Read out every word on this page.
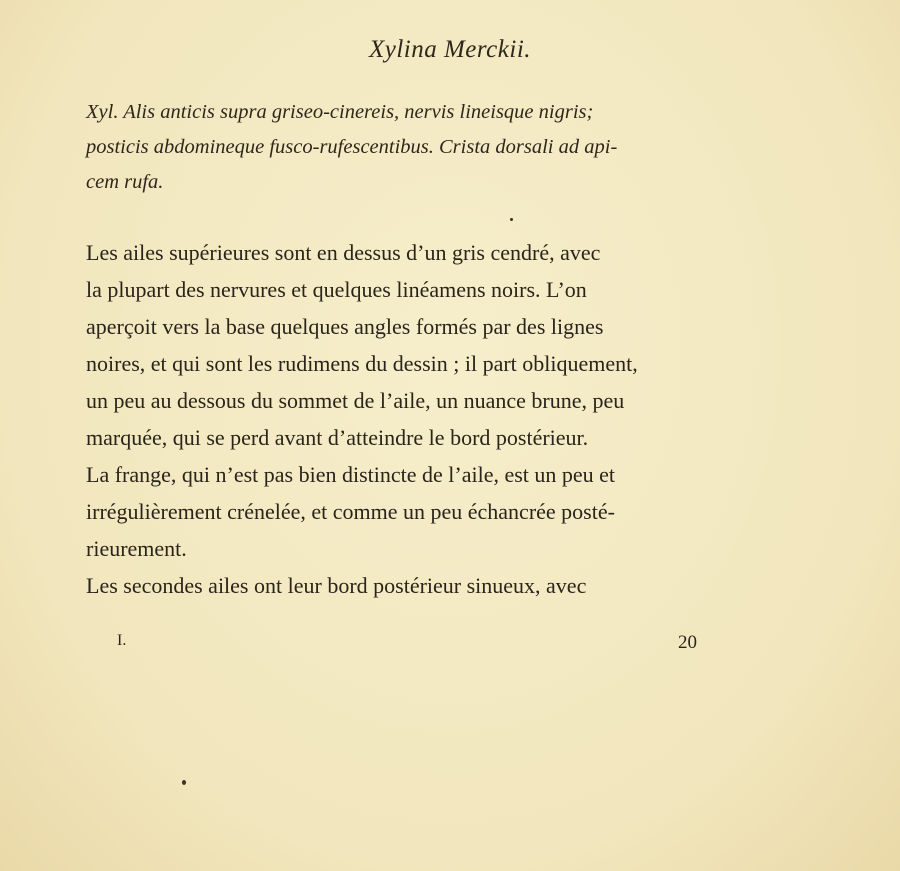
Xylina Merckii.
Xyl. Alis anticis supra griseo-cinereis, nervis lineisque nigris;
posticis abdomineque fusco-rufescentibus. Crista dorsali ad api-
cem rufa.
Les ailes supérieures sont en dessus d’un gris cendré, avec
la plupart des nervures et quelques linéamens noirs. L’on
aperçoit vers la base quelques angles formés par des lignes
noires, et qui sont les rudimens du dessin ; il part obliquement,
un peu au dessous du sommet de l’aile, un nuance brune, peu
marquée, qui se perd avant d’atteindre le bord postérieur.
La frange, qui n’est pas bien distincte de l’aile, est un peu et
irrégulièrement crénelée, et comme un peu échancrée posté-
rieurement.
Les secondes ailes ont leur bord postérieur sinueux, avec
I.	20
